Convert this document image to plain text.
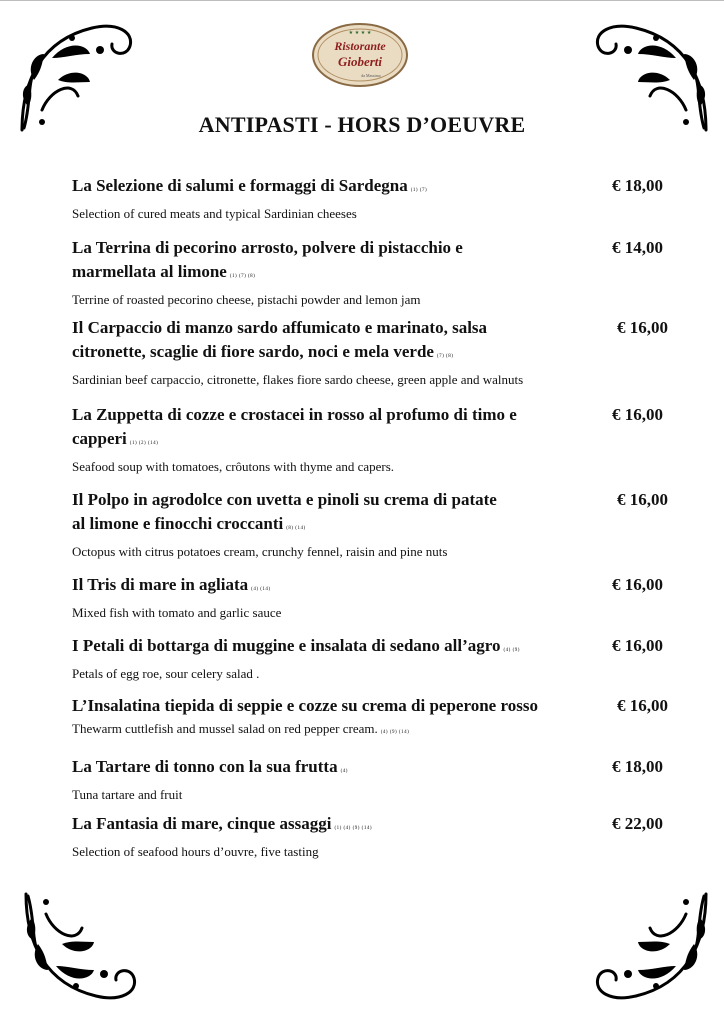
★ ★ ★ ★
Ristorante
Gioberti
da Massimo
ANTIPASTI - HORS D’OEUVRE
La Selezione di salumi e formaggi di Sardegna (1) (7)	€ 18,00
Selection of cured meats and typical Sardinian cheeses
La Terrina di pecorino arrosto, polvere di pistacchio e
marmellata al limone (1) (7) (8)
€ 14,00
Terrine of roasted pecorino cheese, pistachi powder and lemon jam
Il Carpaccio di manzo sardo affumicato e marinato, salsa
citronette, scaglie di fiore sardo, noci e mela verde (7) (8)
€ 16,00
Sardinian beef carpaccio, citronette, flakes fiore sardo cheese, green apple and walnuts
La Zuppetta di cozze e crostacei in rosso al profumo di timo e
capperi (1) (2) (14)
€ 16,00
Seafood soup with tomatoes, crôutons with thyme and capers.
Il Polpo in agrodolce con uvetta e pinoli su crema di patate
al limone e finocchi croccanti (8) (14)
€ 16,00
Octopus with citrus potatoes cream, crunchy fennel, raisin and pine nuts
Il Tris di mare in agliata (4) (14)	€ 16,00
Mixed fish with tomato and garlic sauce
I Petali di bottarga di muggine e insalata di sedano all’agro (4) (9)	€ 16,00
Petals of egg roe, sour celery salad .
L’Insalatina tiepida di seppie e cozze su crema di peperone rosso	€ 16,00
Thewarm cuttlefish and mussel salad on red pepper cream. (4) (9) (14)
La Tartare di tonno con la sua frutta (4)	€ 18,00
Tuna tartare and fruit
La Fantasia di mare, cinque assaggi (1) (4) (9) (14)	€ 22,00
Selection of seafood hours d’ouvre, five tasting
